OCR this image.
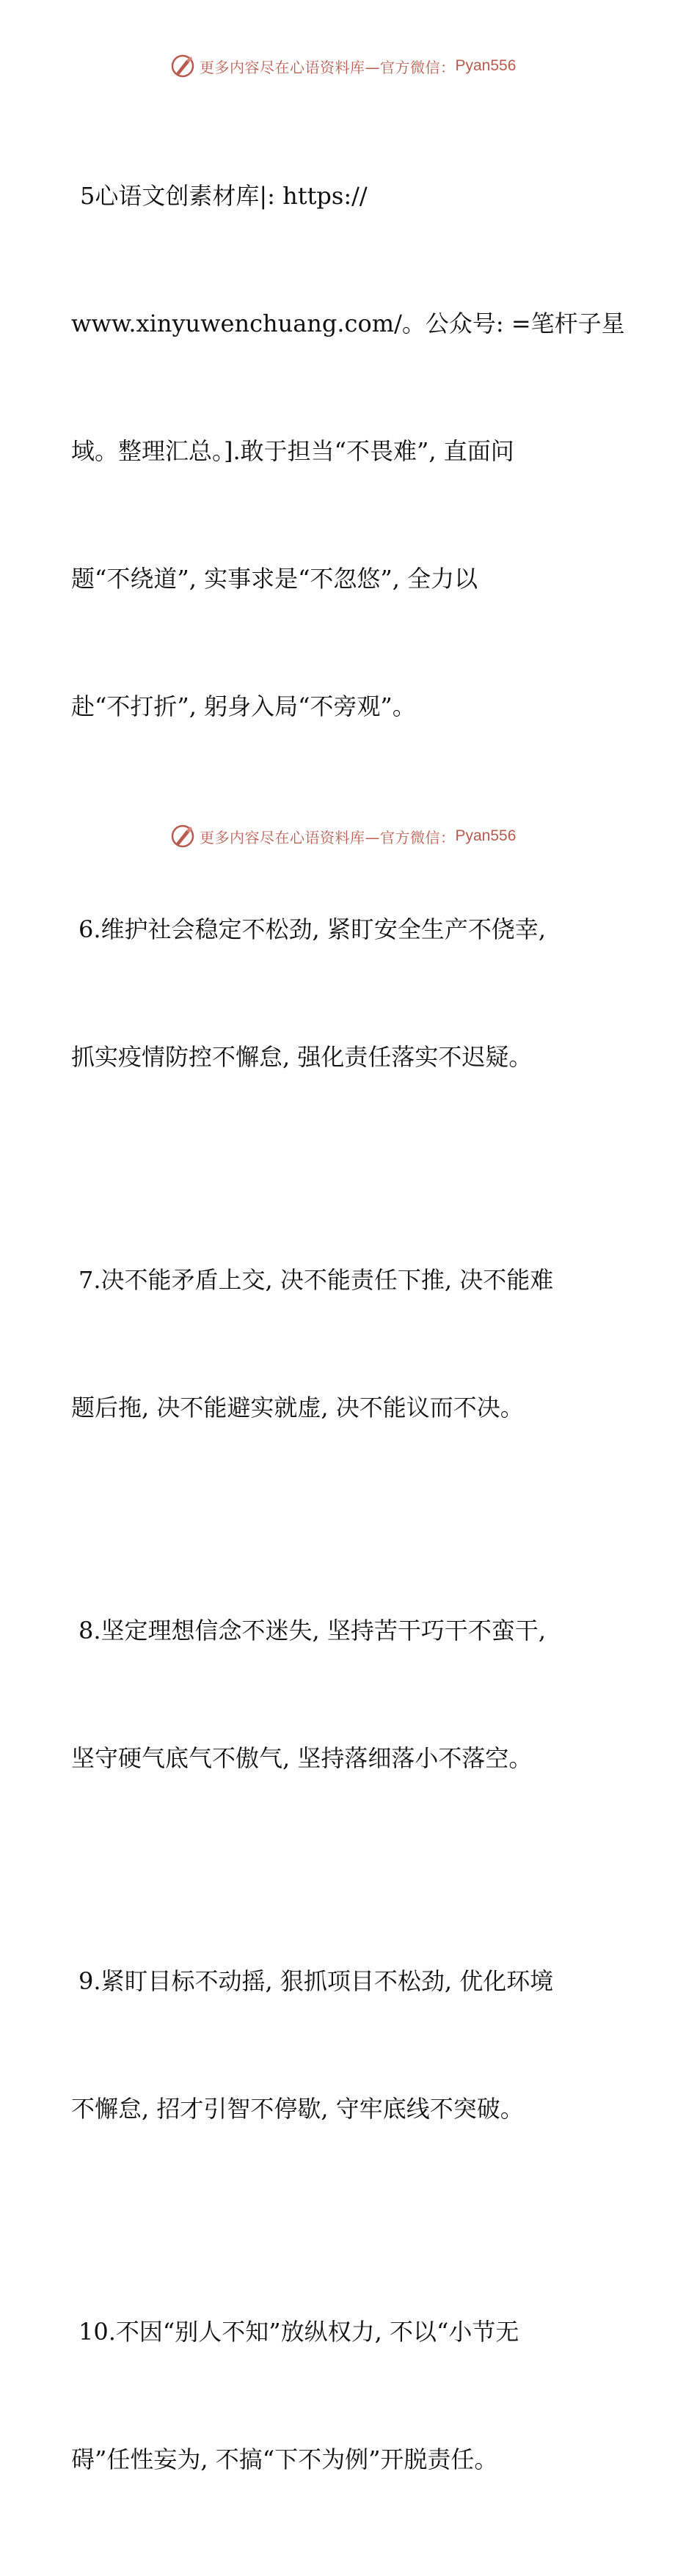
更多内容尽在心语资料库—官方微信： Pyan556

5心语文创素材库|: https://

www.xinyuwenchuang.com/。公众号: =笔杆子星

域。整理汇总。].敢于担当“不畏难”, 直面问

题“不绕道”, 实事求是“不忽悠”, 全力以

赴“不打折”, 躬身入局“不旁观”。

6.维护社会稳定不松劲, 紧盯安全生产不侥幸,

抓实疫情防控不懈怠, 强化责任落实不迟疑。

7.决不能矛盾上交, 决不能责任下推, 决不能难

题后拖, 决不能避实就虚, 决不能议而不决。

8.坚定理想信念不迷失, 坚持苦干巧干不蛮干,

坚守硬气底气不傲气, 坚持落细落小不落空。

9.紧盯目标不动摇, 狠抓项目不松劲, 优化环境

不懈怠, 招才引智不停歇, 守牢底线不突破。

10.不因“别人不知”放纵权力, 不以“小节无

碍”任性妄为, 不搞“下不为例”开脱责任。

更多内容尽在心语资料库—官方微信： Pyan556
